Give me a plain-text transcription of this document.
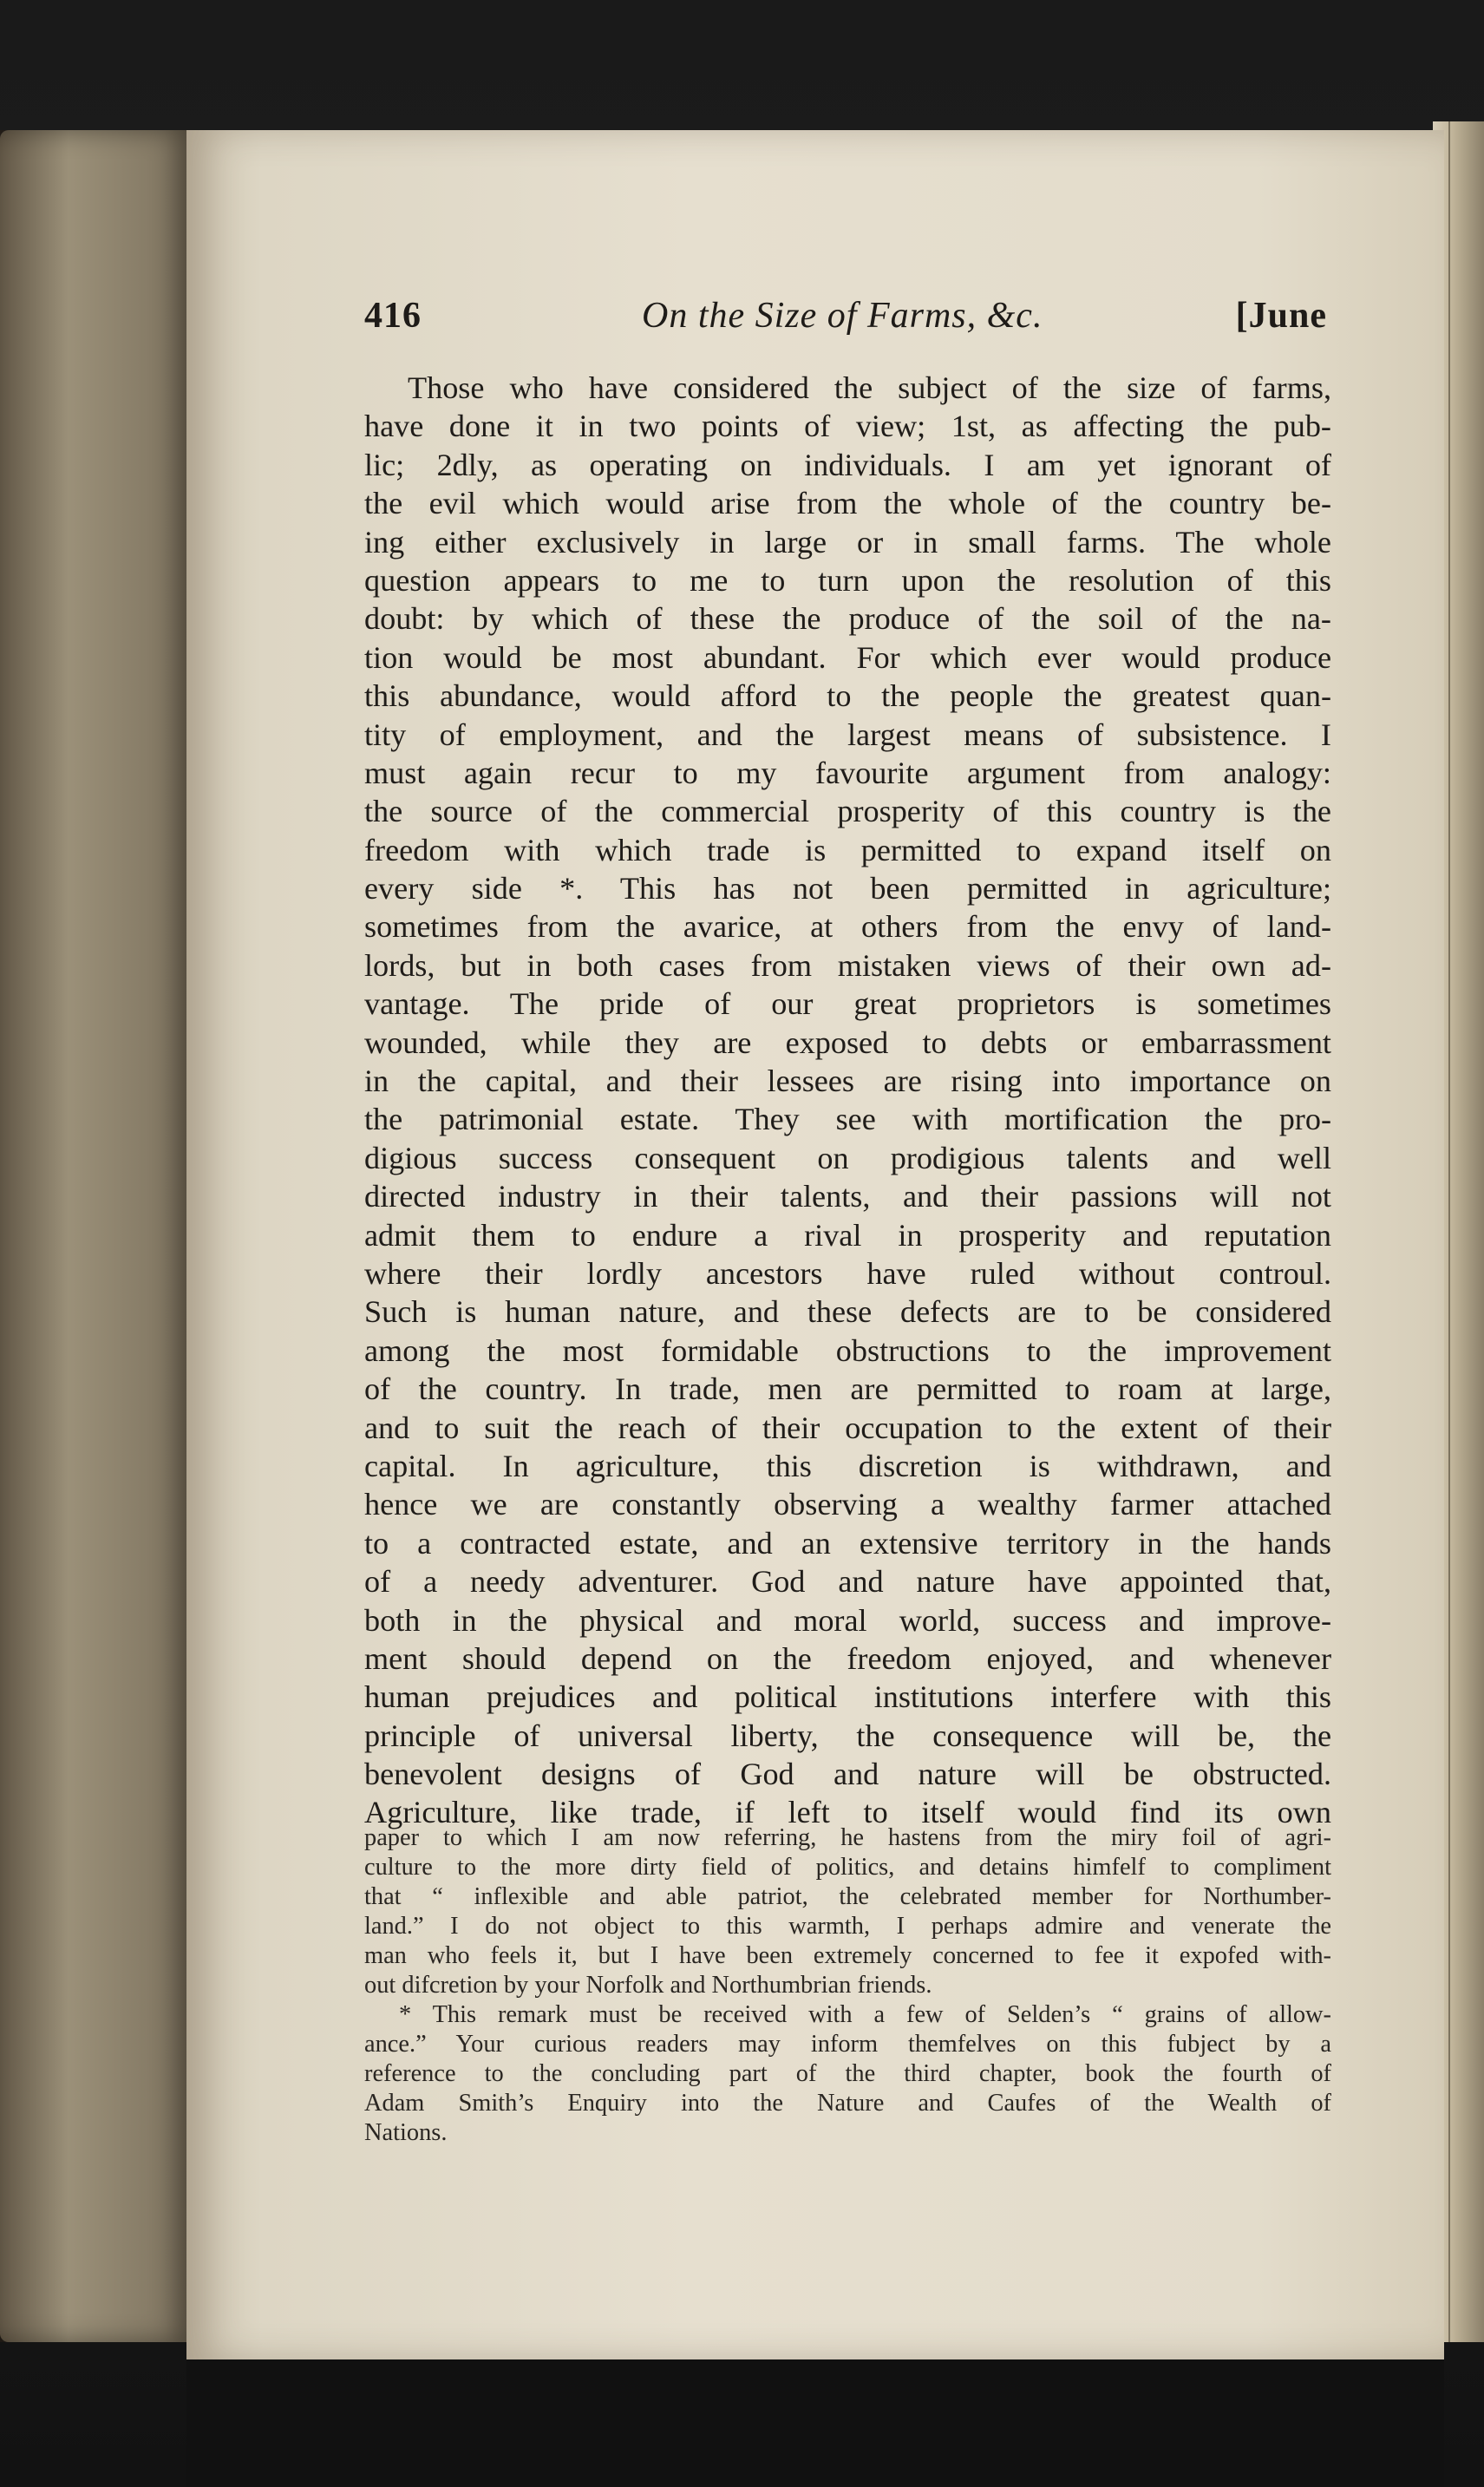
416	On the Size of Farms, &c.	[June
Those who have considered the subject of the size of farms,
have done it in two points of view; 1st, as affecting the pub-
lic; 2dly, as operating on individuals. I am yet ignorant of
the evil which would arise from the whole of the country be-
ing either exclusively in large or in small farms. The whole
question appears to me to turn upon the resolution of this
doubt: by which of these the produce of the soil of the na-
tion would be most abundant. For which ever would produce
this abundance, would afford to the people the greatest quan-
tity of employment, and the largest means of subsistence. I
must again recur to my favourite argument from analogy:
the source of the commercial prosperity of this country is the
freedom with which trade is permitted to expand itself on
every side *. This has not been permitted in agriculture;
sometimes from the avarice, at others from the envy of land-
lords, but in both cases from mistaken views of their own ad-
vantage. The pride of our great proprietors is sometimes
wounded, while they are exposed to debts or embarrassment
in the capital, and their lessees are rising into importance on
the patrimonial estate. They see with mortification the pro-
digious success consequent on prodigious talents and well
directed industry in their talents, and their passions will not
admit them to endure a rival in prosperity and reputation
where their lordly ancestors have ruled without controul.
Such is human nature, and these defects are to be considered
among the most formidable obstructions to the improvement
of the country. In trade, men are permitted to roam at large,
and to suit the reach of their occupation to the extent of their
capital. In agriculture, this discretion is withdrawn, and
hence we are constantly observing a wealthy farmer attached
to a contracted estate, and an extensive territory in the hands
of a needy adventurer. God and nature have appointed that,
both in the physical and moral world, success and improve-
ment should depend on the freedom enjoyed, and whenever
human prejudices and political institutions interfere with this
principle of universal liberty, the consequence will be, the
benevolent designs of God and nature will be obstructed.
Agriculture, like trade, if left to itself would find its own
paper to which I am now referring, he hastens from the miry foil of agri-
culture to the more dirty field of politics, and detains himfelf to compliment
that “ inflexible and able patriot, the celebrated member for Northumber-
land.” I do not object to this warmth, I perhaps admire and venerate the
man who feels it, but I have been extremely concerned to fee it expofed with-
out difcretion by your Norfolk and Northumbrian friends.
* This remark must be received with a few of Selden’s “ grains of allow-
ance.” Your curious readers may inform themfelves on this fubject by a
reference to the concluding part of the third chapter, book the fourth of
Adam Smith’s Enquiry into the Nature and Caufes of the Wealth of
Nations.
